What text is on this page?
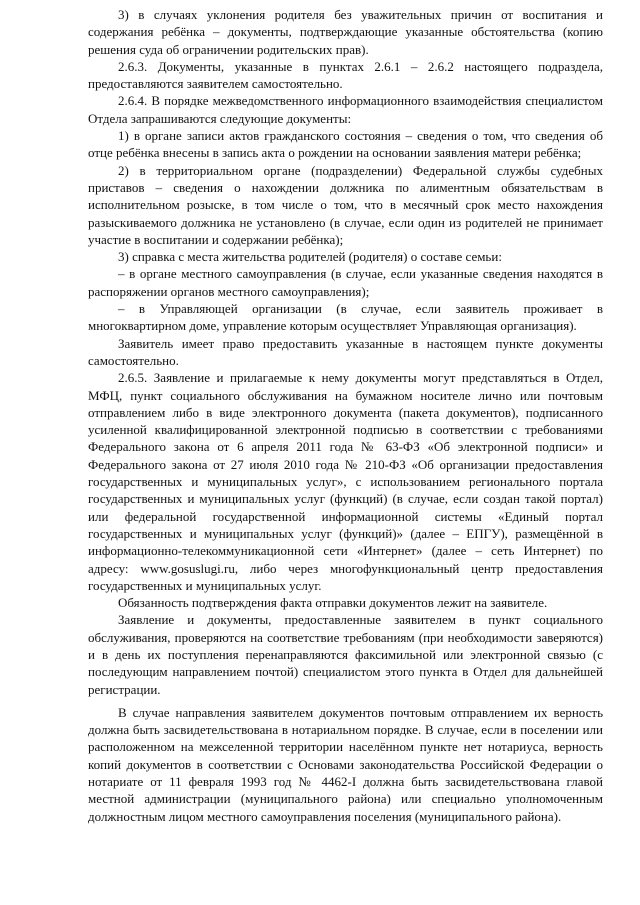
3) в случаях уклонения родителя без уважительных причин от воспитания и содержания ребёнка – документы, подтверждающие указанные обстоятельства (копию решения суда об ограничении родительских прав).

2.6.3. Документы, указанные в пунктах 2.6.1 – 2.6.2 настоящего подраздела, предоставляются заявителем самостоятельно.

2.6.4. В порядке межведомственного информационного взаимодействия специалистом Отдела запрашиваются следующие документы:

1) в органе записи актов гражданского состояния – сведения о том, что сведения об отце ребёнка внесены в запись акта о рождении на основании заявления матери ребёнка;

2) в территориальном органе (подразделении) Федеральной службы судебных приставов – сведения о нахождении должника по алиментным обязательствам в исполнительном розыске, в том числе о том, что в месячный срок место нахождения разыскиваемого должника не установлено (в случае, если один из родителей не принимает участие в воспитании и содержании ребёнка);

3) справка с места жительства родителей (родителя) о составе семьи:

– в органе местного самоуправления (в случае, если указанные сведения находятся в распоряжении органов местного самоуправления);

– в Управляющей организации (в случае, если заявитель проживает в многоквартирном доме, управление которым осуществляет Управляющая организация).

Заявитель имеет право предоставить указанные в настоящем пункте документы самостоятельно.

2.6.5. Заявление и прилагаемые к нему документы могут представляться в Отдел, МФЦ, пункт социального обслуживания на бумажном носителе лично или почтовым отправлением либо в виде электронного документа (пакета документов), подписанного усиленной квалифицированной электронной подписью в соответствии с требованиями Федерального закона от 6 апреля 2011 года № 63-ФЗ «Об электронной подписи» и Федерального закона от 27 июля 2010 года № 210-ФЗ «Об организации предоставления государственных и муниципальных услуг», с использованием регионального портала государственных и муниципальных услуг (функций) (в случае, если создан такой портал) или федеральной государственной информационной системы «Единый портал государственных и муниципальных услуг (функций)» (далее – ЕПГУ), размещённой в информационно-телекоммуникационной сети «Интернет» (далее – сеть Интернет) по адресу: www.gosuslugi.ru, либо через многофункциональный центр предоставления государственных и муниципальных услуг.

Обязанность подтверждения факта отправки документов лежит на заявителе.

Заявление и документы, предоставленные заявителем в пункт социального обслуживания, проверяются на соответствие требованиям (при необходимости заверяются) и в день их поступления перенаправляются факсимильной или электронной связью (с последующим направлением почтой) специалистом этого пункта в Отдел для дальнейшей регистрации.

В случае направления заявителем документов почтовым отправлением их верность должна быть засвидетельствована в нотариальном порядке. В случае, если в поселении или расположенном на межселенной территории населённом пункте нет нотариуса, верность копий документов в соответствии с Основами законодательства Российской Федерации о нотариате от 11 февраля 1993 год № 4462-I должна быть засвидетельствована главой местной администрации (муниципального района) или специально уполномоченным должностным лицом местного самоуправления поселения (муниципального района).
